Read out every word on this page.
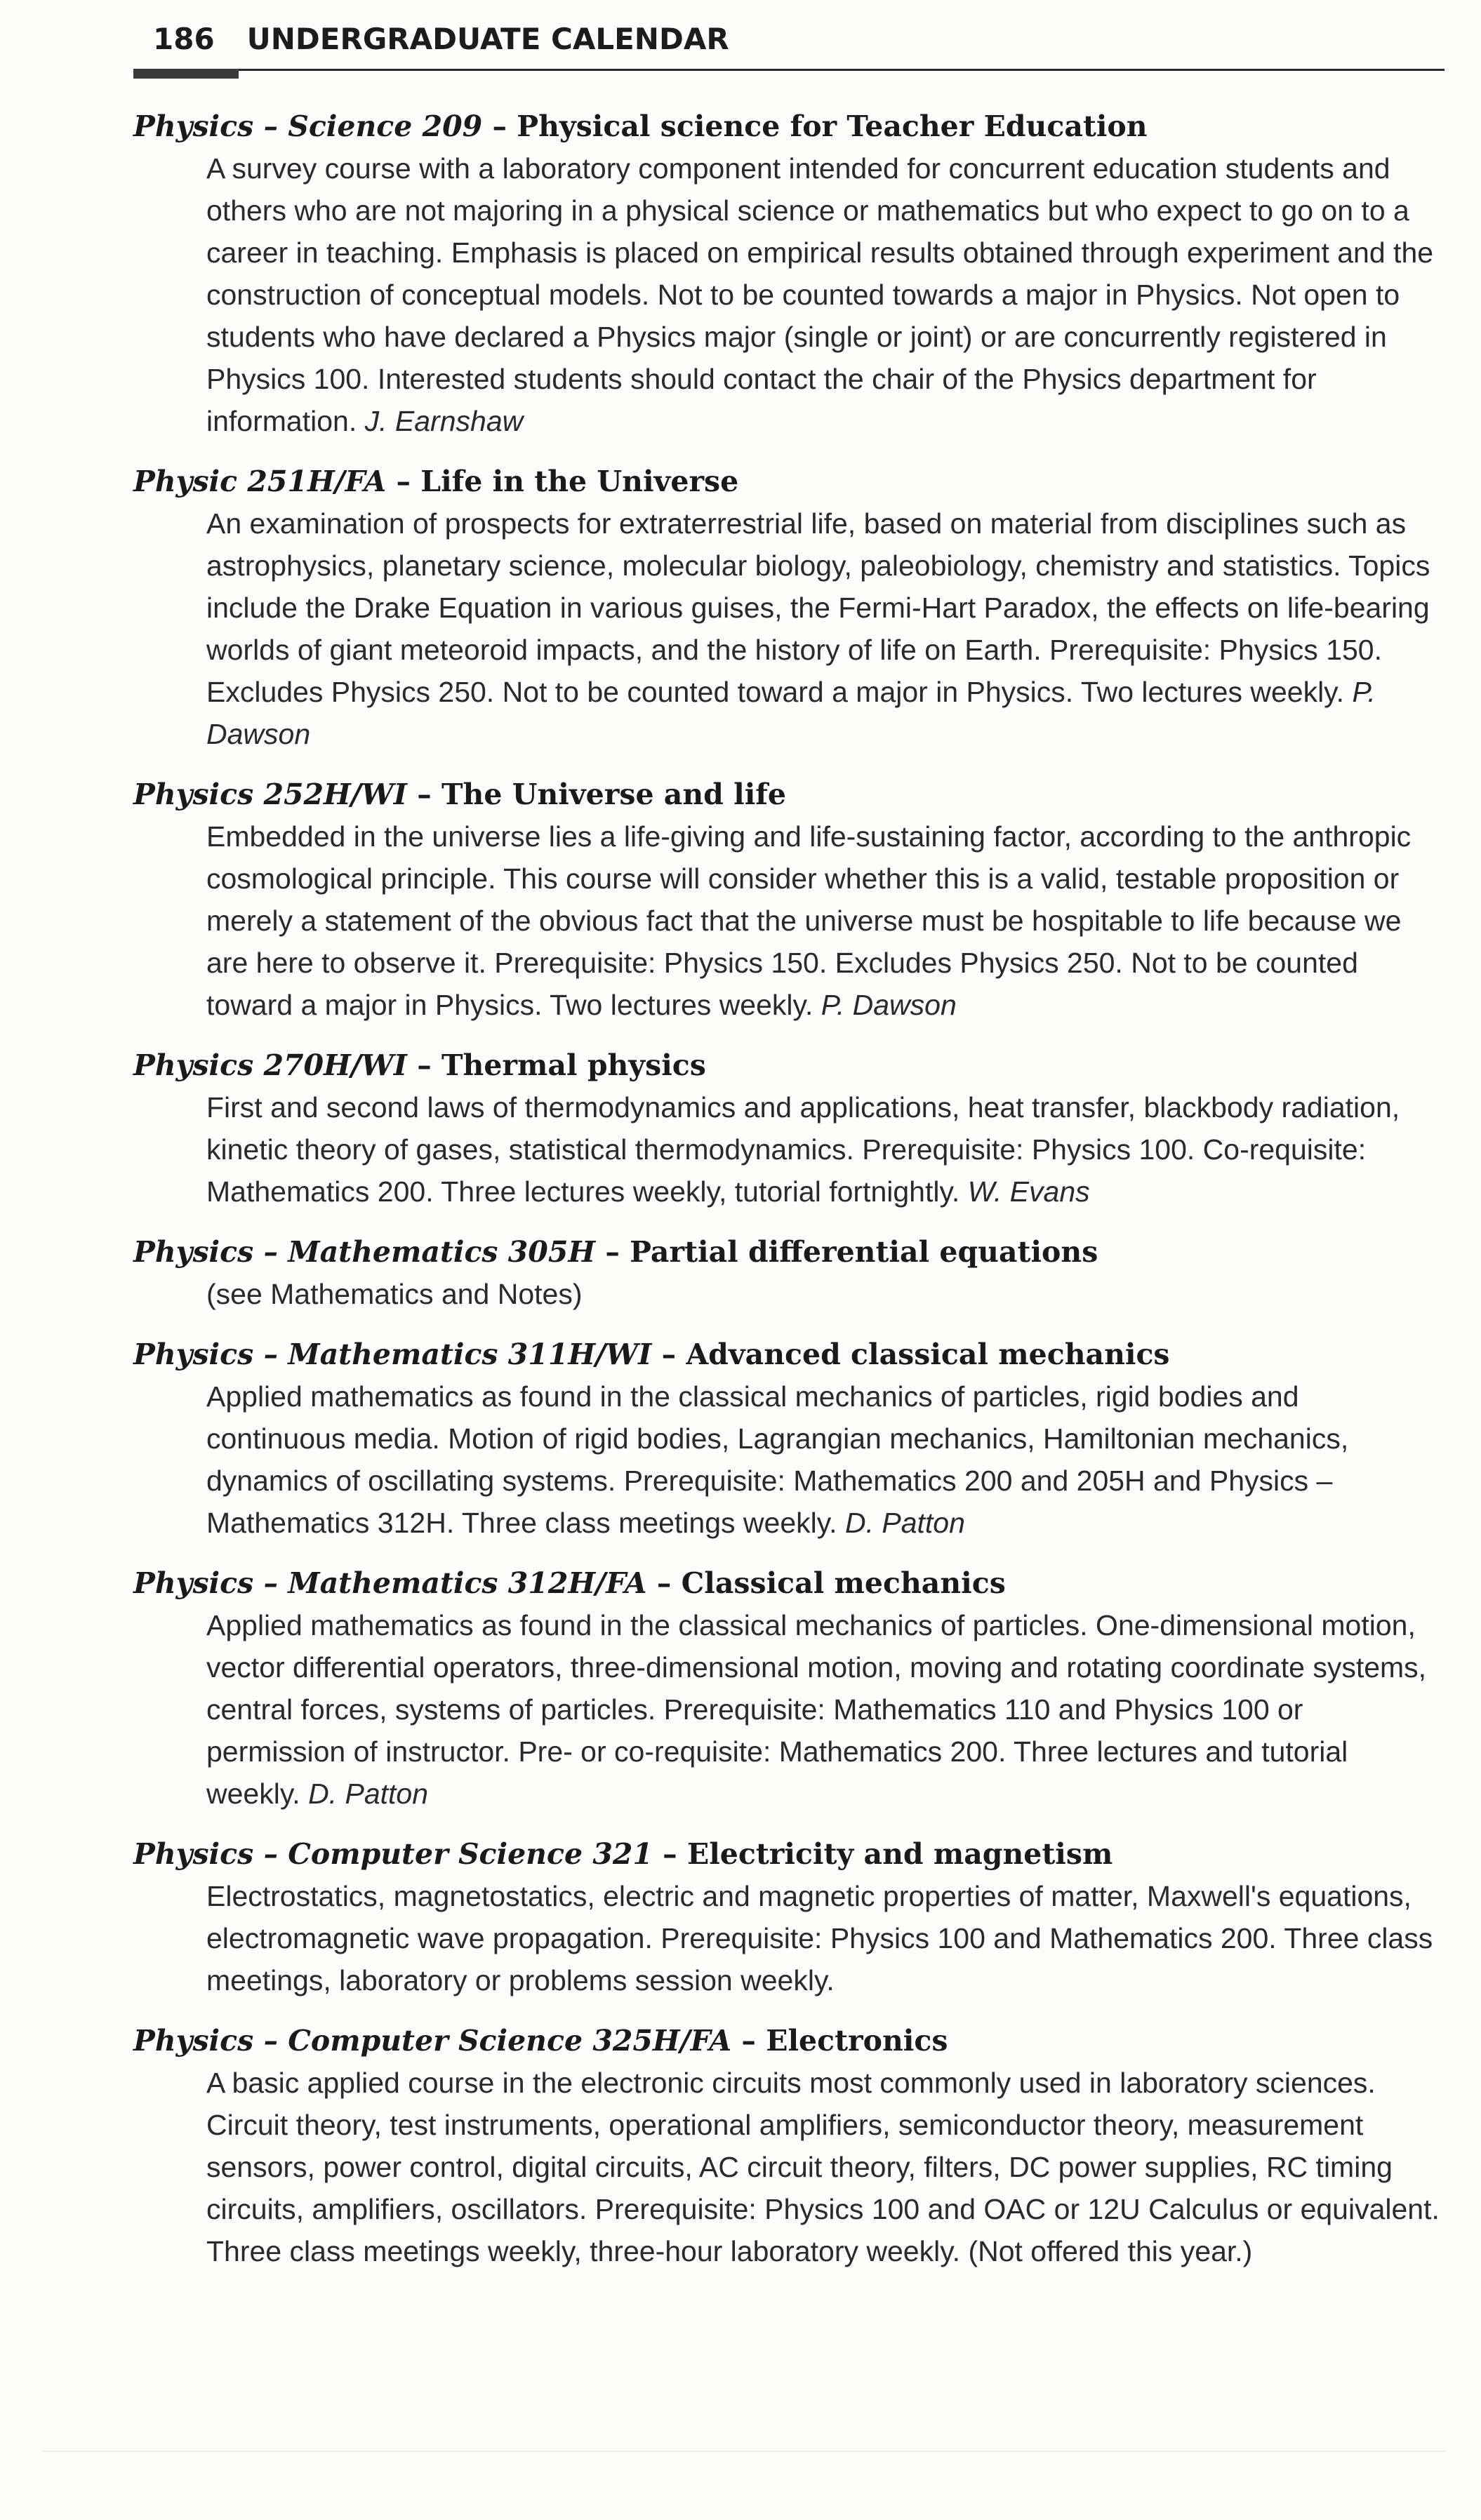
186 UNDERGRADUATE CALENDAR
Physics – Science 209 – Physical science for Teacher Education
A survey course with a laboratory component intended for concurrent education students and others who are not majoring in a physical science or mathematics but who expect to go on to a career in teaching. Emphasis is placed on empirical results obtained through experiment and the construction of conceptual models. Not to be counted towards a major in Physics. Not open to students who have declared a Physics major (single or joint) or are concurrently registered in Physics 100. Interested students should contact the chair of the Physics department for information. J. Earnshaw
Physic 251H/FA – Life in the Universe
An examination of prospects for extraterrestrial life, based on material from disciplines such as astrophysics, planetary science, molecular biology, paleobiology, chemistry and statistics. Topics include the Drake Equation in various guises, the Fermi-Hart Paradox, the effects on life-bearing worlds of giant meteoroid impacts, and the history of life on Earth. Prerequisite: Physics 150. Excludes Physics 250. Not to be counted toward a major in Physics. Two lectures weekly. P. Dawson
Physics 252H/WI – The Universe and life
Embedded in the universe lies a life-giving and life-sustaining factor, according to the anthropic cosmological principle. This course will consider whether this is a valid, testable proposition or merely a statement of the obvious fact that the universe must be hospitable to life because we are here to observe it. Prerequisite: Physics 150. Excludes Physics 250. Not to be counted toward a major in Physics. Two lectures weekly. P. Dawson
Physics 270H/WI – Thermal physics
First and second laws of thermodynamics and applications, heat transfer, blackbody radiation, kinetic theory of gases, statistical thermodynamics. Prerequisite: Physics 100. Co-requisite: Mathematics 200. Three lectures weekly, tutorial fortnightly. W. Evans
Physics – Mathematics 305H – Partial differential equations
(see Mathematics and Notes)
Physics – Mathematics 311H/WI – Advanced classical mechanics
Applied mathematics as found in the classical mechanics of particles, rigid bodies and continuous media. Motion of rigid bodies, Lagrangian mechanics, Hamiltonian mechanics, dynamics of oscillating systems. Prerequisite: Mathematics 200 and 205H and Physics – Mathematics 312H. Three class meetings weekly. D. Patton
Physics – Mathematics 312H/FA – Classical mechanics
Applied mathematics as found in the classical mechanics of particles. One-dimensional motion, vector differential operators, three-dimensional motion, moving and rotating coordinate systems, central forces, systems of particles. Prerequisite: Mathematics 110 and Physics 100 or permission of instructor. Pre- or co-requisite: Mathematics 200. Three lectures and tutorial weekly. D. Patton
Physics – Computer Science 321 – Electricity and magnetism
Electrostatics, magnetostatics, electric and magnetic properties of matter, Maxwell's equations, electromagnetic wave propagation. Prerequisite: Physics 100 and Mathematics 200. Three class meetings, laboratory or problems session weekly.
Physics – Computer Science 325H/FA – Electronics
A basic applied course in the electronic circuits most commonly used in laboratory sciences. Circuit theory, test instruments, operational amplifiers, semiconductor theory, measurement sensors, power control, digital circuits, AC circuit theory, filters, DC power supplies, RC timing circuits, amplifiers, oscillators. Prerequisite: Physics 100 and OAC or 12U Calculus or equivalent. Three class meetings weekly, three-hour laboratory weekly. (Not offered this year.)
